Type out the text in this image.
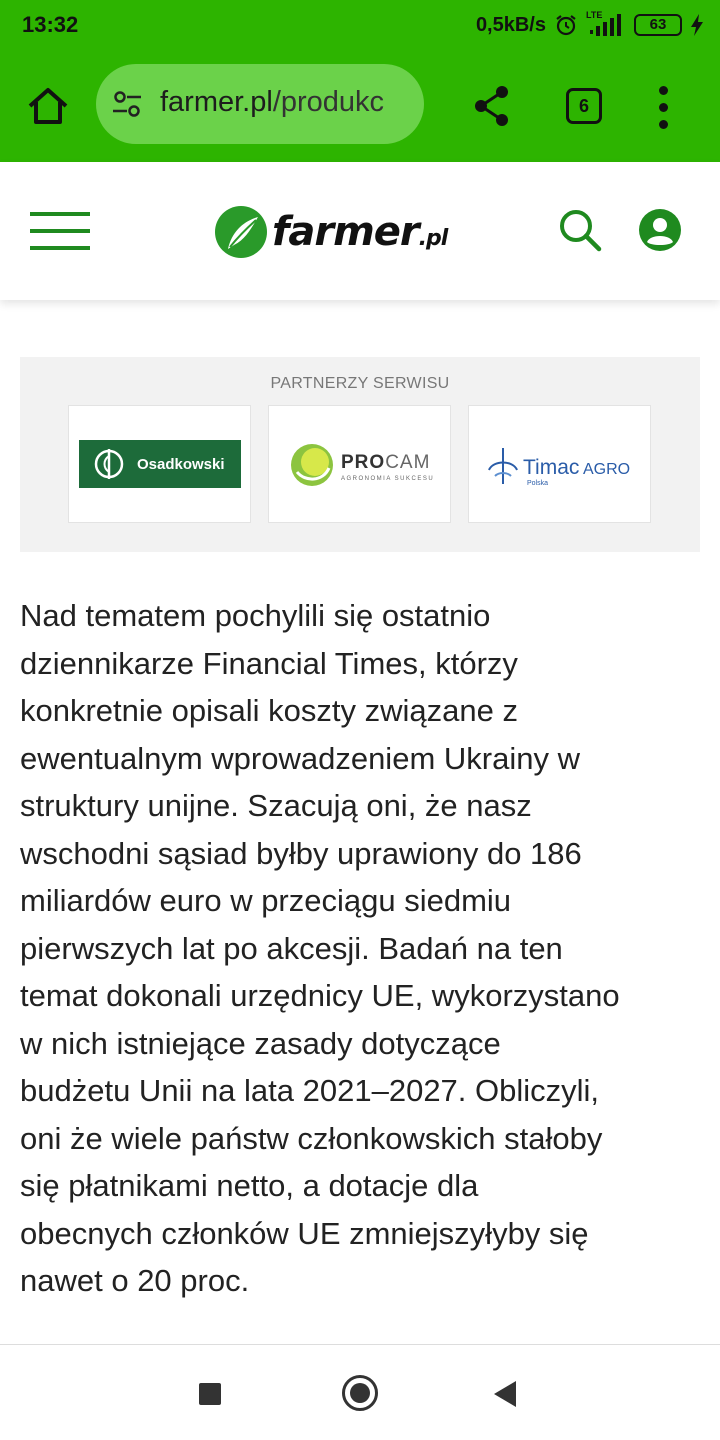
13:32	0,5kB/s	LTE
63
farmer.pl/produkc	6
farmer.pl
PARTNERZY SERWISU
Osadkowski	PROCAM
AGRONOMIA SUKCESU	Timac AGRO
Polska

Nad tematem pochylili się ostatnio
dziennikarze Financial Times, którzy
konkretnie opisali koszty związane z
ewentualnym wprowadzeniem Ukrainy w
struktury unijne. Szacują oni, że nasz
wschodni sąsiad byłby uprawiony do 186
miliardów euro w przeciągu siedmiu
pierwszych lat po akcesji. Badań na ten
temat dokonali urzędnicy UE, wykorzystano
w nich istniejące zasady dotyczące
budżetu Unii na lata 2021–2027. Obliczyli,
oni że wiele państw członkowskich stałoby
się płatnikami netto, a dotacje dla
obecnych członków UE zmniejszyłyby się
nawet o 20 proc.
